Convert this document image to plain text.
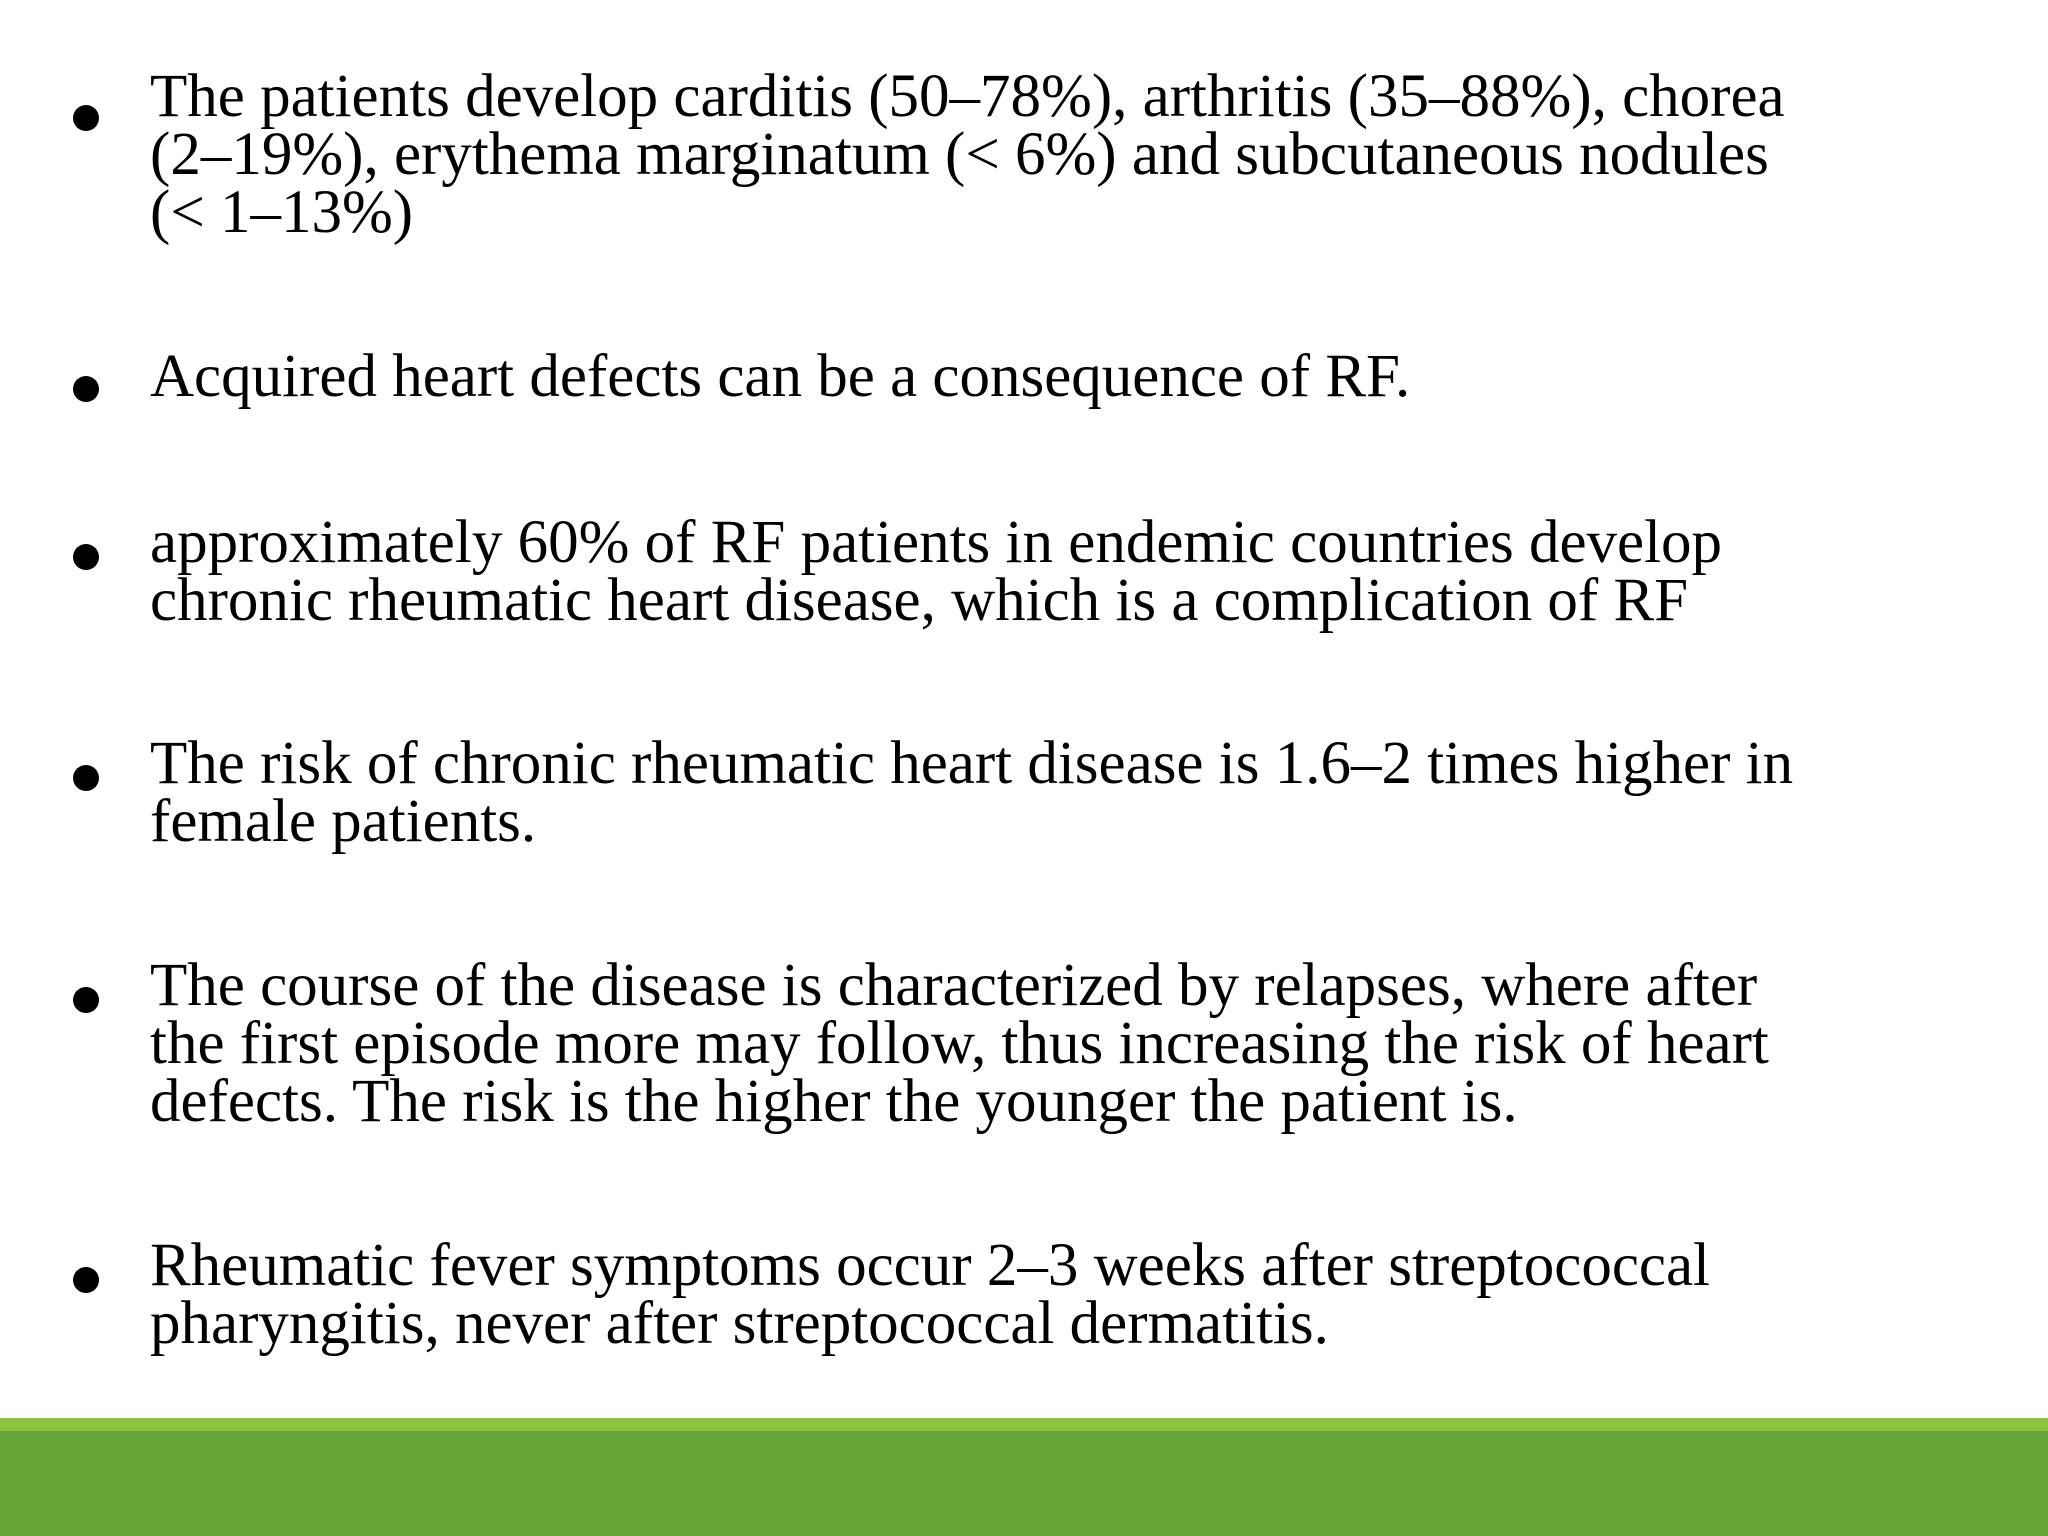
The patients develop carditis (50–78%), arthritis (35–88%), chorea
(2–19%), erythema marginatum (< 6%) and subcutaneous nodules
(< 1–13%)
Acquired heart defects can be a consequence of RF.
approximately 60% of RF patients in endemic countries develop
chronic rheumatic heart disease, which is a complication of RF
The risk of chronic rheumatic heart disease is 1.6–2 times higher in
female patients.
The course of the disease is characterized by relapses, where after
the first episode more may follow, thus increasing the risk of heart
defects. The risk is the higher the younger the patient is.
Rheumatic fever symptoms occur 2–3 weeks after streptococcal
pharyngitis, never after streptococcal dermatitis.
